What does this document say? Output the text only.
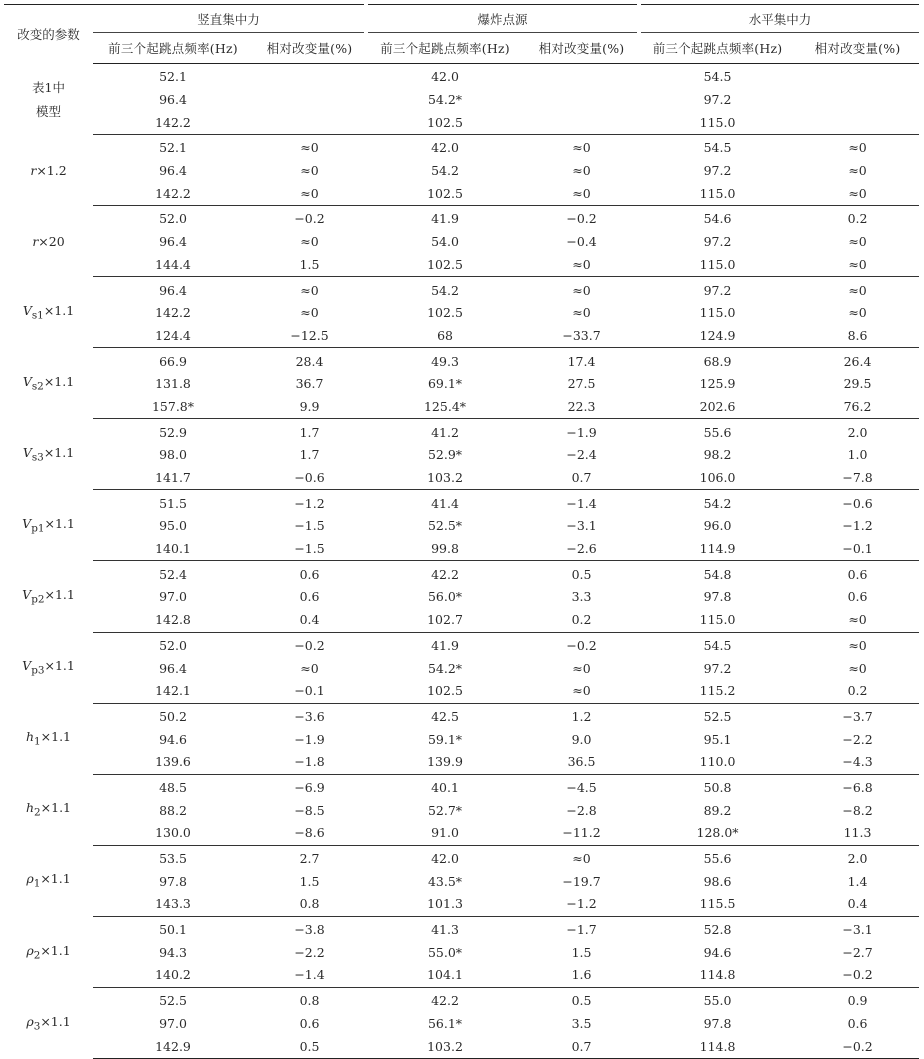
改变的参数	竖直集中力		爆炸点源		水平集中力	
	前三个起跳点频率(Hz)	相对改变量(%)	前三个起跳点频率(Hz)	相对改变量(%)	前三个起跳点频率(Hz)	相对改变量(%)
表1中
模型	52.1		42.0		54.5	
	96.4		54.2*		97.2	
	142.2		102.5		115.0	
r×1.2	52.1	≈0	42.0	≈0	54.5	≈0
	96.4	≈0	54.2	≈0	97.2	≈0
	142.2	≈0	102.5	≈0	115.0	≈0
r×20	52.0	−0.2	41.9	−0.2	54.6	0.2
	96.4	≈0	54.0	−0.4	97.2	≈0
	144.4	1.5	102.5	≈0	115.0	≈0
$V_{s1}\times 1.1$	96.4	≈0	54.2	≈0	97.2	≈0
	142.2	≈0	102.5	≈0	115.0	≈0
	124.4	−12.5	68	−33.7	124.9	8.6
$V_{s2}\times 1.1$	66.9	28.4	49.3	17.4	68.9	26.4
	131.8	36.7	69.1*	27.5	125.9	29.5
	157.8*	9.9	125.4*	22.3	202.6	76.2
$V_{s3}\times 1.1$	52.9	1.7	41.2	−1.9	55.6	2.0
	98.0	1.7	52.9*	−2.4	98.2	1.0
	141.7	−0.6	103.2	0.7	106.0	−7.8
$V_{p1}\times 1.1$	51.5	−1.2	41.4	−1.4	54.2	−0.6
	95.0	−1.5	52.5*	−3.1	96.0	−1.2
	140.1	−1.5	99.8	−2.6	114.9	−0.1
$V_{p2}\times 1.1$	52.4	0.6	42.2	0.5	54.8	0.6
	97.0	0.6	56.0*	3.3	97.8	0.6
	142.8	0.4	102.7	0.2	115.0	≈0
$V_{p3}\times 1.1$	52.0	−0.2	41.9	−0.2	54.5	≈0
	96.4	≈0	54.2*	≈0	97.2	≈0
	142.1	−0.1	102.5	≈0	115.2	0.2
$h_1\times 1.1$	50.2	−3.6	42.5	1.2	52.5	−3.7
	94.6	−1.9	59.1*	9.0	95.1	−2.2
	139.6	−1.8	139.9	36.5	110.0	−4.3
$h_2\times 1.1$	48.5	−6.9	40.1	−4.5	50.8	−6.8
	88.2	−8.5	52.7*	−2.8	89.2	−8.2
	130.0	−8.6	91.0	−11.2	128.0*	11.3
$\rho_1\times 1.1$	53.5	2.7	42.0	≈0	55.6	2.0
	97.8	1.5	43.5*	−19.7	98.6	1.4
	143.3	0.8	101.3	−1.2	115.5	0.4
$\rho_2\times 1.1$	50.1	−3.8	41.3	−1.7	52.8	−3.1
	94.3	−2.2	55.0*	1.5	94.6	−2.7
	140.2	−1.4	104.1	1.6	114.8	−0.2
$\rho_3\times 1.1$	52.5	0.8	42.2	0.5	55.0	0.9
	97.0	0.6	56.1*	3.5	97.8	0.6
	142.9	0.5	103.2	0.7	114.8	−0.2
